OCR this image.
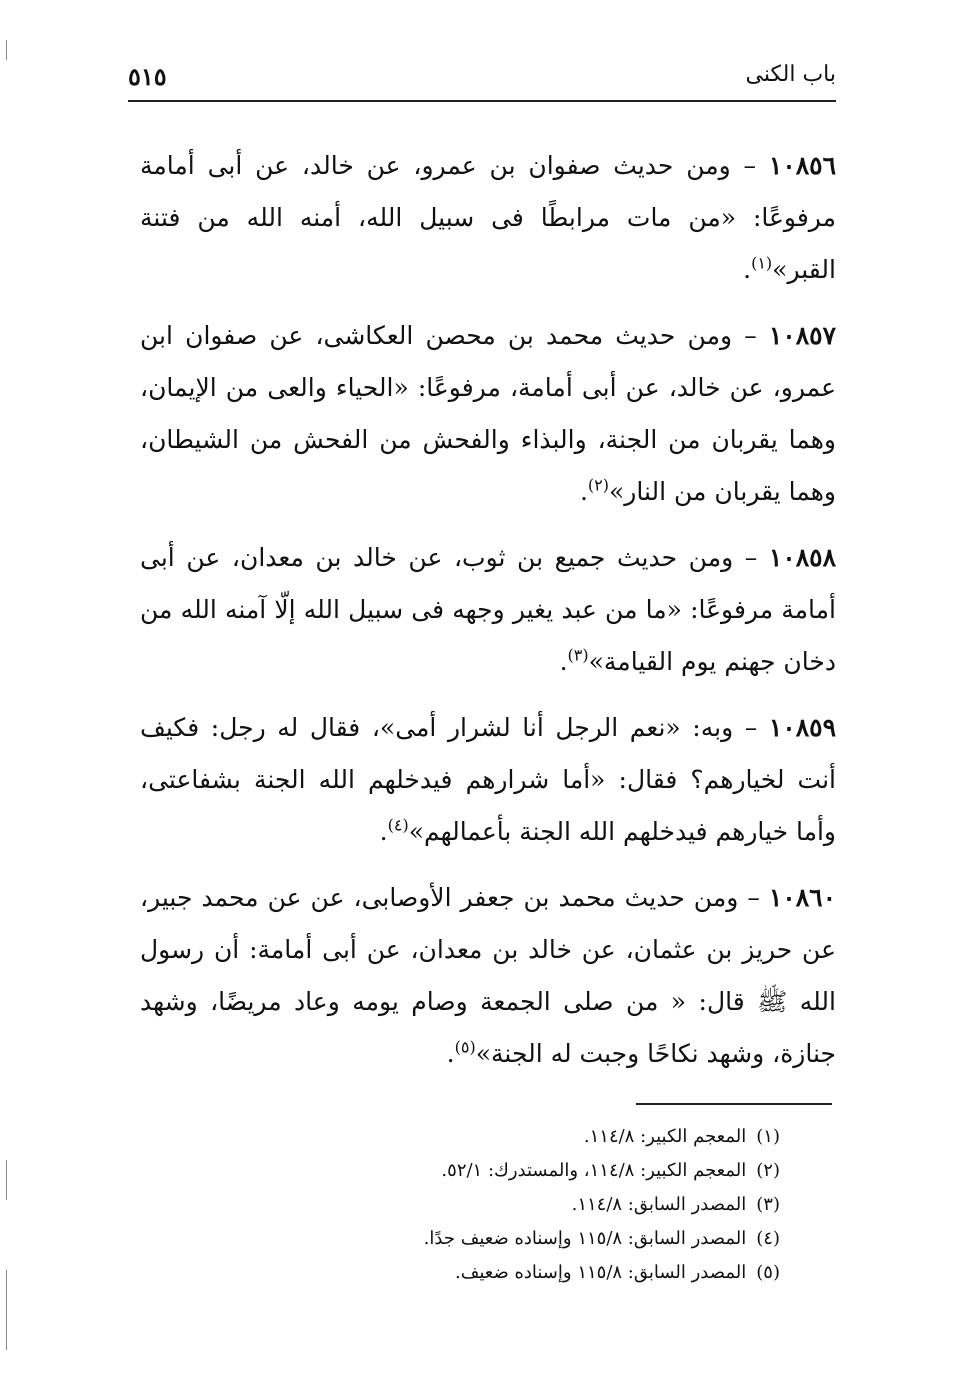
٥١٥	باب الكنى

١٠٨٥٦ – ومن حديث صفوان بن عمرو، عن خالد، عن أبى أمامة مرفوعًا: «من مات مرابطًا فى سبيل الله، أمنه الله من فتنة القبر»$^{(١)}$.

١٠٨٥٧ – ومن حديث محمد بن محصن العكاشى، عن صفوان ابن عمرو، عن خالد، عن أبى أمامة، مرفوعًا: «الحياء والعى من الإيمان، وهما يقربان من الجنة، والبذاء والفحش من الفحش من الشيطان، وهما يقربان من النار»$^{(٢)}$.

١٠٨٥٨ – ومن حديث جميع بن ثوب، عن خالد بن معدان، عن أبى أمامة مرفوعًا: «ما من عبد يغير وجهه فى سبيل الله إلّا آمنه الله من دخان جهنم يوم القيامة»$^{(٣)}$.

١٠٨٥٩ – وبه: «نعم الرجل أنا لشرار أمى»، فقال له رجل: فكيف أنت لخيارهم؟ فقال: «أما شرارهم فيدخلهم الله الجنة بشفاعتى، وأما خيارهم فيدخلهم الله الجنة بأعمالهم»$^{(٤)}$.

١٠٨٦٠ – ومن حديث محمد بن جعفر الأوصابى، عن عن محمد جبير، عن حريز بن عثمان، عن خالد بن معدان، عن أبى أمامة: أن رسول الله ﷺ قال: « من صلى الجمعة وصام يومه وعاد مريضًا، وشهد جنازة، وشهد نكاحًا وجبت له الجنة»$^{(٥)}$.

(١)المعجم الكبير: ١١٤/٨.

(٢)المعجم الكبير: ١١٤/٨، والمستدرك: ٥٢/١.

(٣)المصدر السابق: ١١٤/٨.

(٤)المصدر السابق: ١١٥/٨ وإسناده ضعيف جدًا.

(٥)المصدر السابق: ١١٥/٨ وإسناده ضعيف.
